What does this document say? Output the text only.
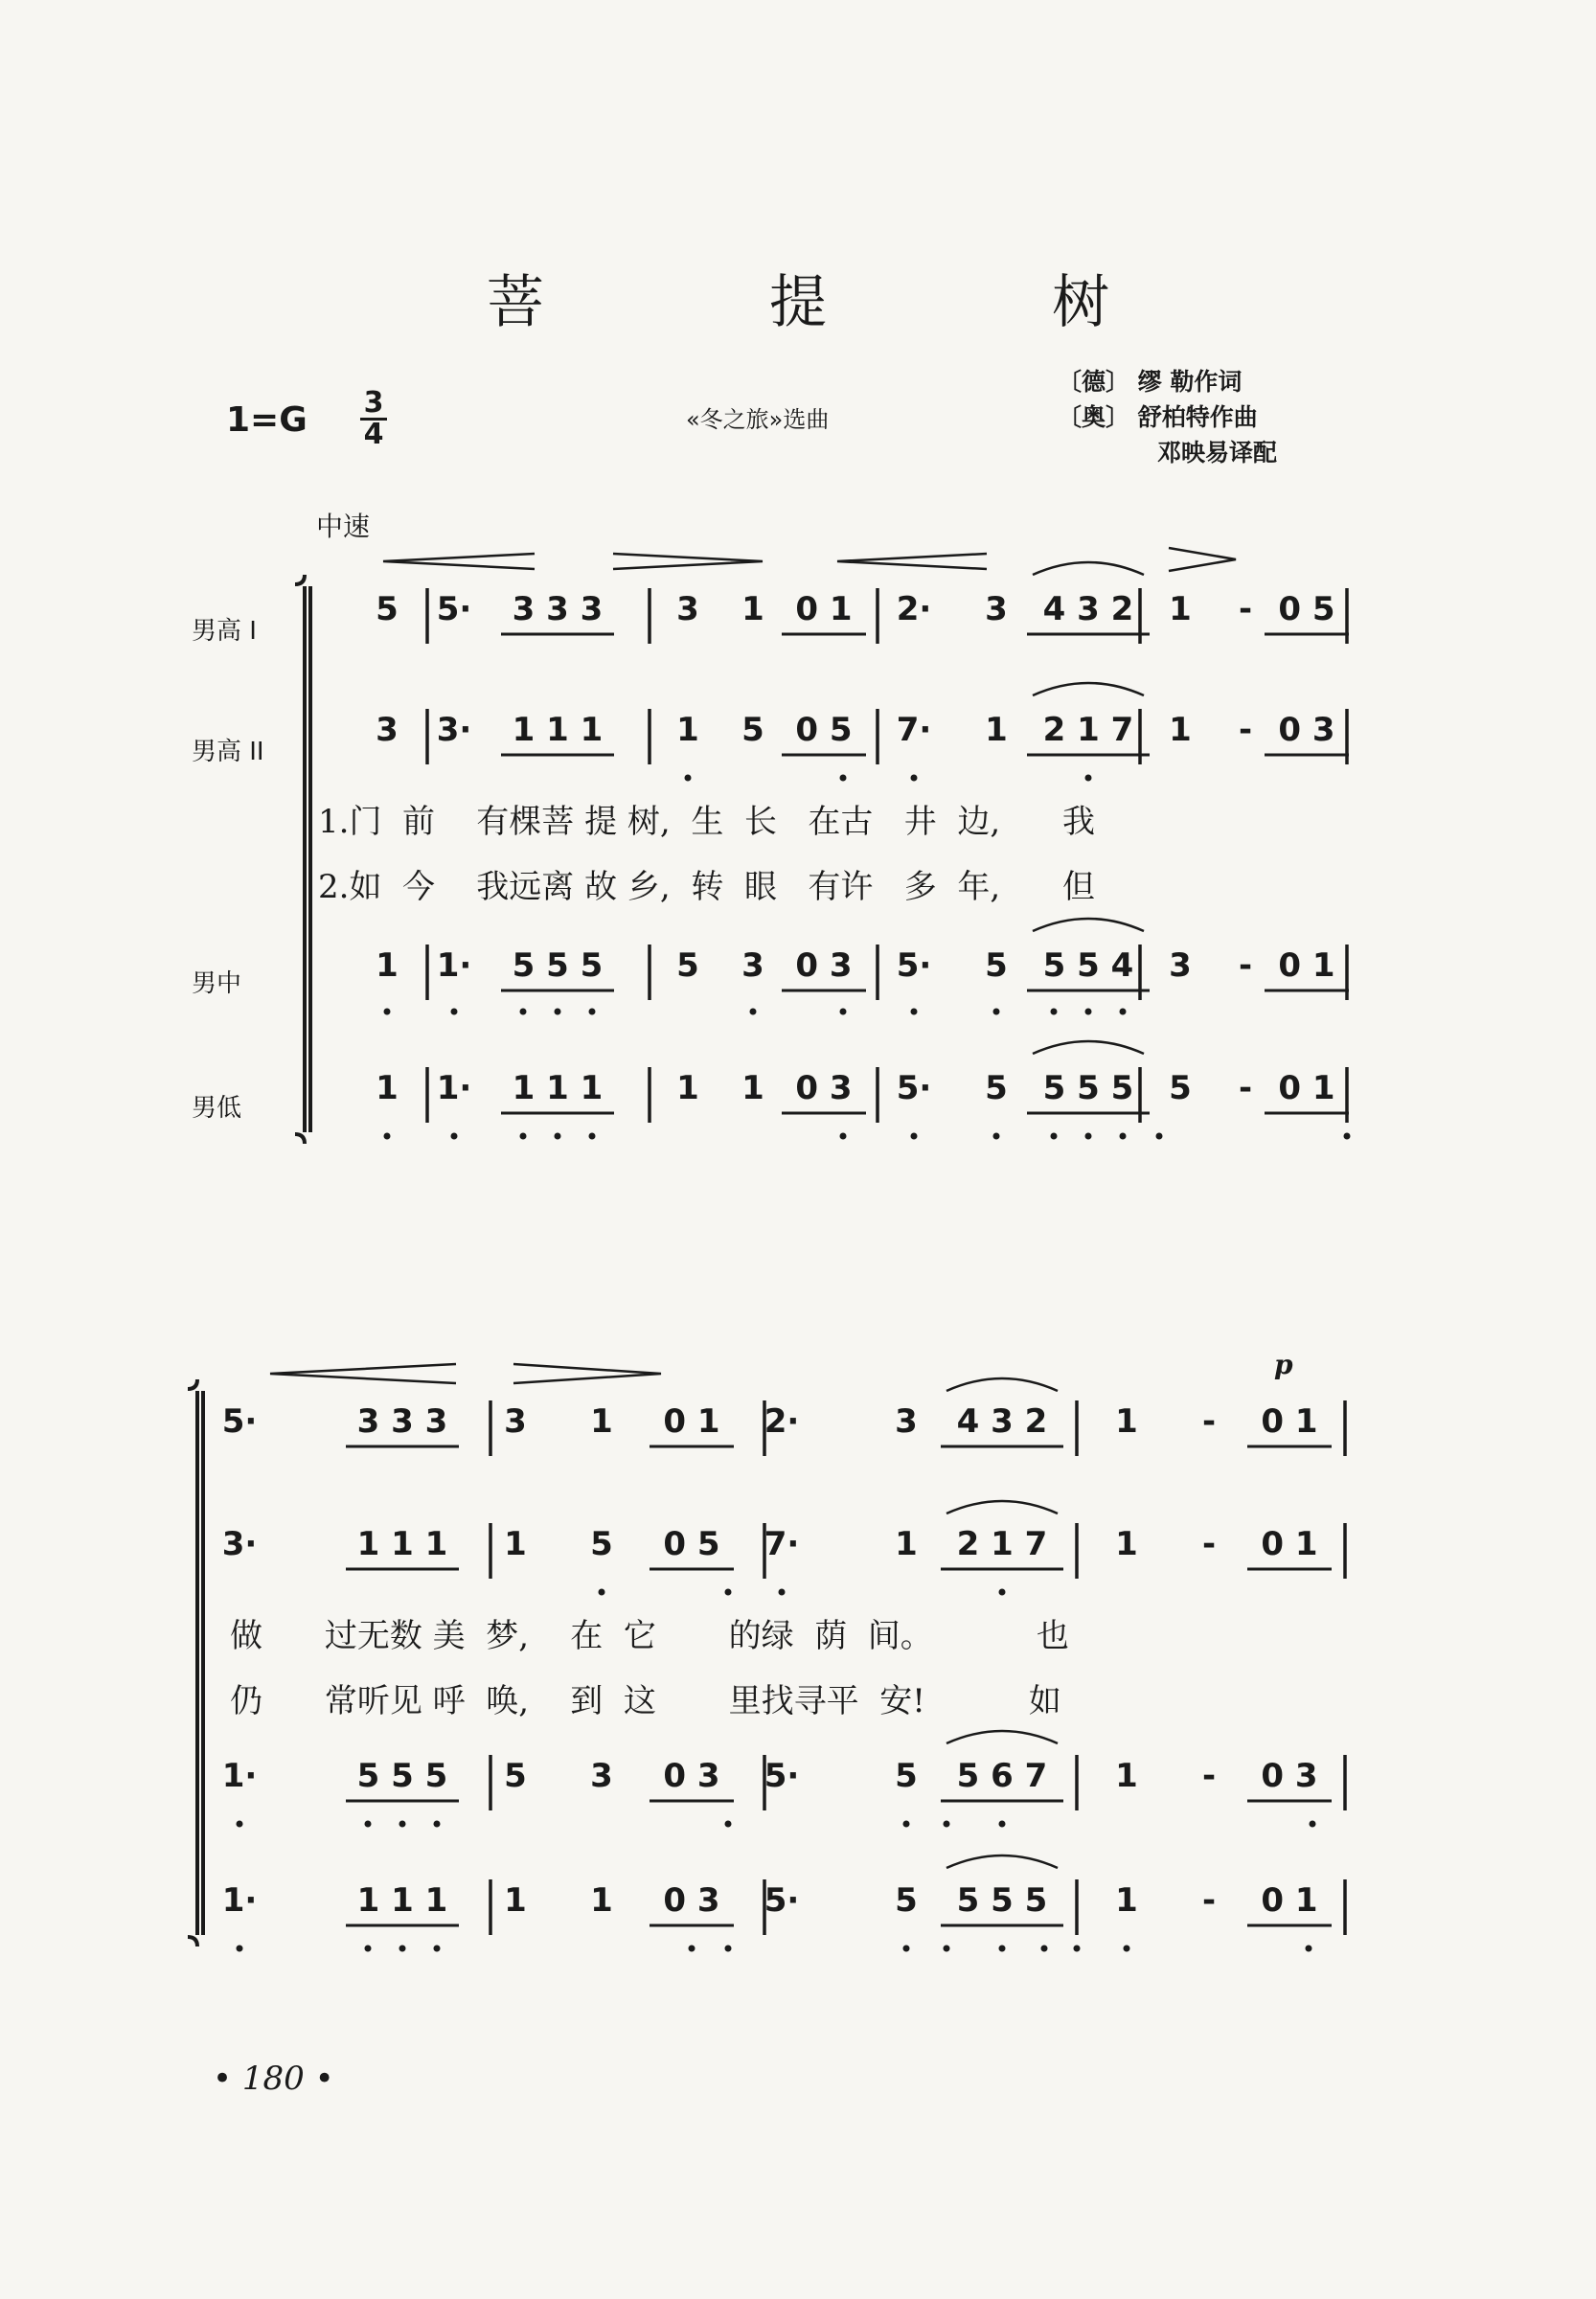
菩 提 树
1=G 3
4	«冬之旅»选曲
〔德〕 缪 勒作词
〔奥〕 舒柏特作曲
邓映易译配
中速
男高 I
男高 II
男中
男低
p
5	5·	3 3 3	3	1 0 1	2·	3	4 3 2	1	- 0 5
3	3·	1 1 1	1	5 0 5	7·	1	2 1 7	1	- 0 3
1	1·	5 5 5	5	3 0 3	5·	5	5 5 4	3	- 0 1
1	1·	1 1 1	1	1 0 3	5·	5	5 5 5	5	- 0 1
5·	3 3 3	3	1	0 1	2·	3	4 3 2	1	-	0 1
3·	1 1 1	1	5	0 5	7·	1	2 1 7	1	-	0 1
1·	5 5 5	5	3	0 3	5·	5	5 6 7	1	-	0 3
1·	1 1 1	1	1	0 3	5·	5	5 5 5	1	-	0 1
1.门  前    有棵菩 提 树,  生  长   在古   井  边,      我
2.如  今    我远离 故 乡,  转  眼   有许   多  年,      但
做      过无数 美  梦,    在  它       的绿  荫  间。          也
仍      常听见 呼  唤,    到  这       里找寻平  安!          如
• 180 •
